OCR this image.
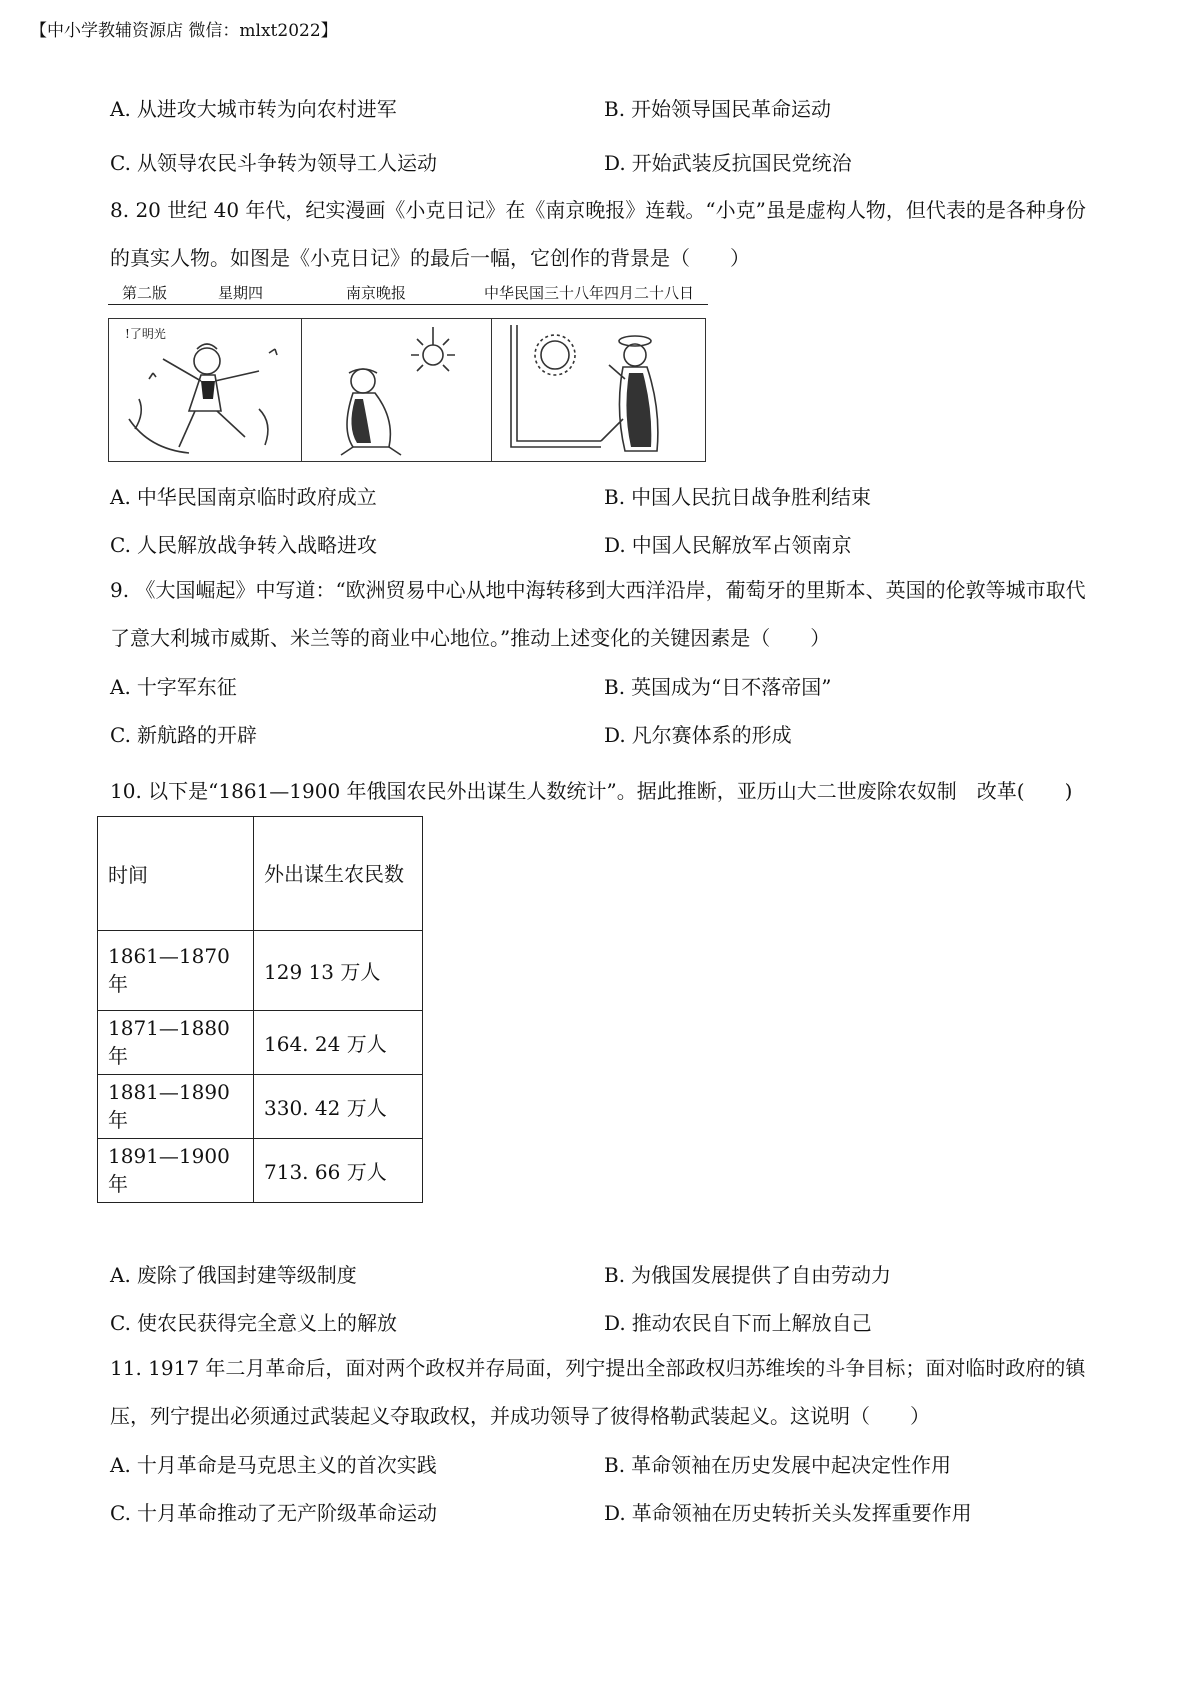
【中小学教辅资源店 微信：mlxt2022】
A. 从进攻大城市转为向农村进军	B. 开始领导国民革命运动
C. 从领导农民斗争转为领导工人运动	D. 开始武装反抗国民党统治
8. 20 世纪 40 年代，纪实漫画《小克日记》在《南京晚报》连载。“小克”虽是虚构人物，但代表的是各种身份的真实人物。如图是《小克日记》的最后一幅，它创作的背景是（　　）
第二版	星期四	南京晚报	中华民国三十八年四月二十八日
!了明光
A. 中华民国南京临时政府成立	B. 中国人民抗日战争胜利结束
C. 人民解放战争转入战略进攻	D. 中国人民解放军占领南京
9. 《大国崛起》中写道：“欧洲贸易中心从地中海转移到大西洋沿岸，葡萄牙的里斯本、英国的伦敦等城市取代了意大利城市威斯、米兰等的商业中心地位。”推动上述变化的关键因素是（　　）
A. 十字军东征	B. 英国成为“日不落帝国”
C. 新航路的开辟	D. 凡尔赛体系的形成
10. 以下是“1861—1900 年俄国农民外出谋生人数统计”。据此推断，亚历山大二世废除农奴制　改革(　　)
时间	外出谋生农民数
1861—1870 年	129 13 万人
1871—1880 年	164. 24 万人
1881—1890 年	330. 42 万人
1891—1900 年	713. 66 万人
A. 废除了俄国封建等级制度	B. 为俄国发展提供了自由劳动力
C. 使农民获得完全意义上的解放	D. 推动农民自下而上解放自己
11. 1917 年二月革命后，面对两个政权并存局面，列宁提出全部政权归苏维埃的斗争目标；面对临时政府的镇压，列宁提出必须通过武装起义夺取政权，并成功领导了彼得格勒武装起义。这说明（　　）
A. 十月革命是马克思主义的首次实践	B. 革命领袖在历史发展中起决定性作用
C. 十月革命推动了无产阶级革命运动	D. 革命领袖在历史转折关头发挥重要作用
